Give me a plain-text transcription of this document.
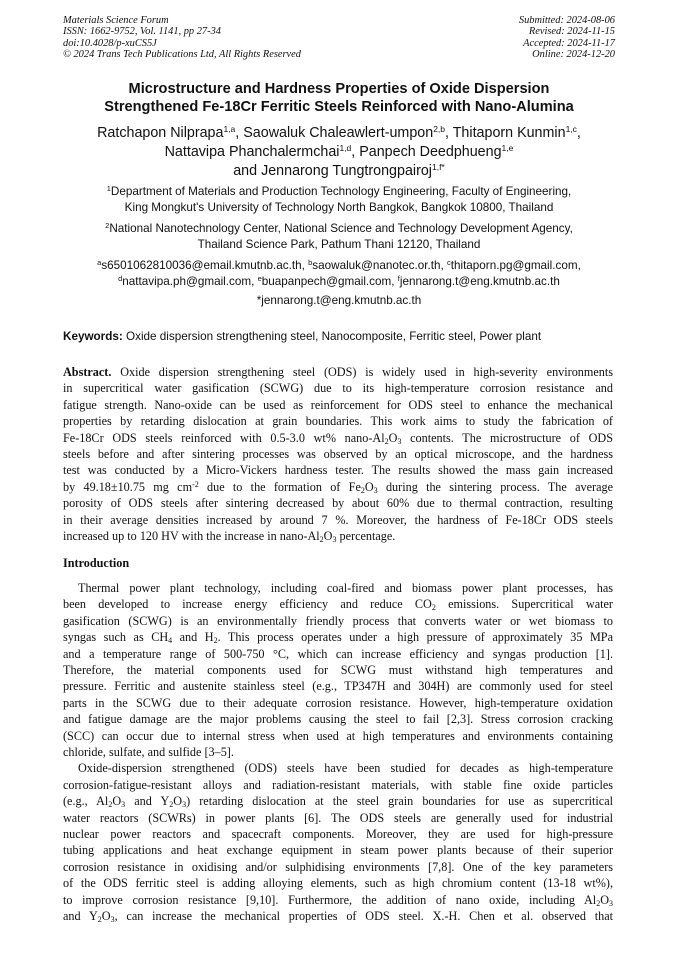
Materials Science Forum
ISSN: 1662-9752, Vol. 1141, pp 27-34
doi:10.4028/p-xuCS5J
© 2024 Trans Tech Publications Ltd, All Rights Reserved
Submitted: 2024-08-06
Revised: 2024-11-15
Accepted: 2024-11-17
Online: 2024-12-20
Microstructure and Hardness Properties of Oxide Dispersion
Strengthened Fe-18Cr Ferritic Steels Reinforced with Nano-Alumina
Ratchapon Nilprapa$^{1,a}$, Saowaluk Chaleawlert-umpon$^{2,b}$, Thitaporn Kunmin$^{1,c}$,
Nattavipa Phanchalermchai$^{1,d}$, Panpech Deedphueng$^{1,e}$
and Jennarong Tungtrongpairoj$^{1,f*}$
$^1$Department of Materials and Production Technology Engineering, Faculty of Engineering,
King Mongkut's University of Technology North Bangkok, Bangkok 10800, Thailand
$^2$National Nanotechnology Center, National Science and Technology Development Agency,
Thailand Science Park, Pathum Thani 12120, Thailand
$^a$s6501062810036@email.kmutnb.ac.th, $^b$saowaluk@nanotec.or.th, $^c$thitaporn.pg@gmail.com,
$^d$nattavipa.ph@gmail.com, $^e$buapanpech@gmail.com, $^f$jennarong.t@eng.kmutnb.ac.th
*jennarong.t@eng.kmutnb.ac.th
Keywords: Oxide dispersion strengthening steel, Nanocomposite, Ferritic steel, Power plant
Abstract. Oxide dispersion strengthening steel (ODS) is widely used in high-severity environments
in supercritical water gasification (SCWG) due to its high-temperature corrosion resistance and
fatigue strength. Nano-oxide can be used as reinforcement for ODS steel to enhance the mechanical
properties by retarding dislocation at grain boundaries. This work aims to study the fabrication of
Fe-18Cr ODS steels reinforced with 0.5-3.0 wt% nano-$Al_2O_3$ contents. The microstructure of ODS
steels before and after sintering processes was observed by an optical microscope, and the hardness
test was conducted by a Micro-Vickers hardness tester. The results showed the mass gain increased
by 49.18±10.75 mg $cm^{-2}$ due to the formation of $Fe_2O_3$ during the sintering process. The average
porosity of ODS steels after sintering decreased by about 60% due to thermal contraction, resulting
in their average densities increased by around 7 %. Moreover, the hardness of Fe-18Cr ODS steels
increased up to 120 HV with the increase in nano-$Al_2O_3$ percentage.
Introduction
Thermal power plant technology, including coal-fired and biomass power plant processes, has
been developed to increase energy efficiency and reduce $CO_2$ emissions. Supercritical water
gasification (SCWG) is an environmentally friendly process that converts water or wet biomass to
syngas such as $CH_4$ and $H_2$. This process operates under a high pressure of approximately 35 MPa
and a temperature range of 500-750 °C, which can increase efficiency and syngas production [1].
Therefore, the material components used for SCWG must withstand high temperatures and
pressure. Ferritic and austenite stainless steel (e.g., TP347H and 304H) are commonly used for steel
parts in the SCWG due to their adequate corrosion resistance. However, high-temperature oxidation
and fatigue damage are the major problems causing the steel to fail [2,3]. Stress corrosion cracking
(SCC) can occur due to internal stress when used at high temperatures and environments containing
chloride, sulfate, and sulfide [3–5].
Oxide-dispersion strengthened (ODS) steels have been studied for decades as high-temperature
corrosion-fatigue-resistant alloys and radiation-resistant materials, with stable fine oxide particles
(e.g., $Al_2O_3$ and $Y_2O_3$) retarding dislocation at the steel grain boundaries for use as supercritical
water reactors (SCWRs) in power plants [6]. The ODS steels are generally used for industrial
nuclear power reactors and spacecraft components. Moreover, they are used for high-pressure
tubing applications and heat exchange equipment in steam power plants because of their superior
corrosion resistance in oxidising and/or sulphidising environments [7,8]. One of the key parameters
of the ODS ferritic steel is adding alloying elements, such as high chromium content (13-18 wt%),
to improve corrosion resistance [9,10]. Furthermore, the addition of nano oxide, including $Al_2O_3$
and $Y_2O_3$, can increase the mechanical properties of ODS steel. X.-H. Chen et al. observed that
